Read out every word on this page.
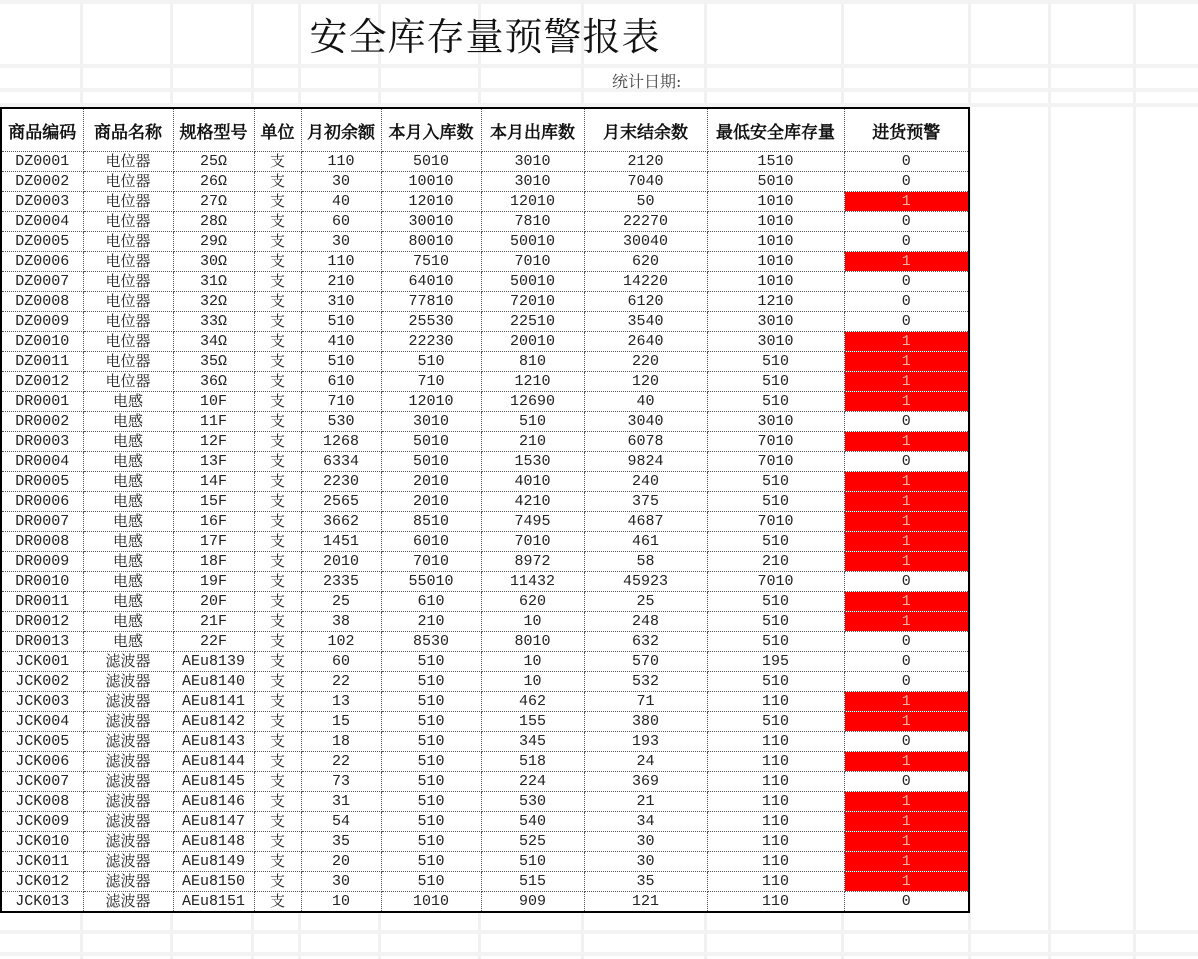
安全库存量预警报表
统计日期:
商品编码	商品名称	规格型号	单位	月初余额	本月入库数	本月出库数	月末结余数	最低安全库存量	进货预警
DZ0001	电位器	25Ω	支	110	5010	3010	2120	1510	0
DZ0002	电位器	26Ω	支	30	10010	3010	7040	5010	0
DZ0003	电位器	27Ω	支	40	12010	12010	50	1010	1
DZ0004	电位器	28Ω	支	60	30010	7810	22270	1010	0
DZ0005	电位器	29Ω	支	30	80010	50010	30040	1010	0
DZ0006	电位器	30Ω	支	110	7510	7010	620	1010	1
DZ0007	电位器	31Ω	支	210	64010	50010	14220	1010	0
DZ0008	电位器	32Ω	支	310	77810	72010	6120	1210	0
DZ0009	电位器	33Ω	支	510	25530	22510	3540	3010	0
DZ0010	电位器	34Ω	支	410	22230	20010	2640	3010	1
DZ0011	电位器	35Ω	支	510	510	810	220	510	1
DZ0012	电位器	36Ω	支	610	710	1210	120	510	1
DR0001	电感	10F	支	710	12010	12690	40	510	1
DR0002	电感	11F	支	530	3010	510	3040	3010	0
DR0003	电感	12F	支	1268	5010	210	6078	7010	1
DR0004	电感	13F	支	6334	5010	1530	9824	7010	0
DR0005	电感	14F	支	2230	2010	4010	240	510	1
DR0006	电感	15F	支	2565	2010	4210	375	510	1
DR0007	电感	16F	支	3662	8510	7495	4687	7010	1
DR0008	电感	17F	支	1451	6010	7010	461	510	1
DR0009	电感	18F	支	2010	7010	8972	58	210	1
DR0010	电感	19F	支	2335	55010	11432	45923	7010	0
DR0011	电感	20F	支	25	610	620	25	510	1
DR0012	电感	21F	支	38	210	10	248	510	1
DR0013	电感	22F	支	102	8530	8010	632	510	0
JCK001	滤波器	AEu8139	支	60	510	10	570	195	0
JCK002	滤波器	AEu8140	支	22	510	10	532	510	0
JCK003	滤波器	AEu8141	支	13	510	462	71	110	1
JCK004	滤波器	AEu8142	支	15	510	155	380	510	1
JCK005	滤波器	AEu8143	支	18	510	345	193	110	0
JCK006	滤波器	AEu8144	支	22	510	518	24	110	1
JCK007	滤波器	AEu8145	支	73	510	224	369	110	0
JCK008	滤波器	AEu8146	支	31	510	530	21	110	1
JCK009	滤波器	AEu8147	支	54	510	540	34	110	1
JCK010	滤波器	AEu8148	支	35	510	525	30	110	1
JCK011	滤波器	AEu8149	支	20	510	510	30	110	1
JCK012	滤波器	AEu8150	支	30	510	515	35	110	1
JCK013	滤波器	AEu8151	支	10	1010	909	121	110	0
